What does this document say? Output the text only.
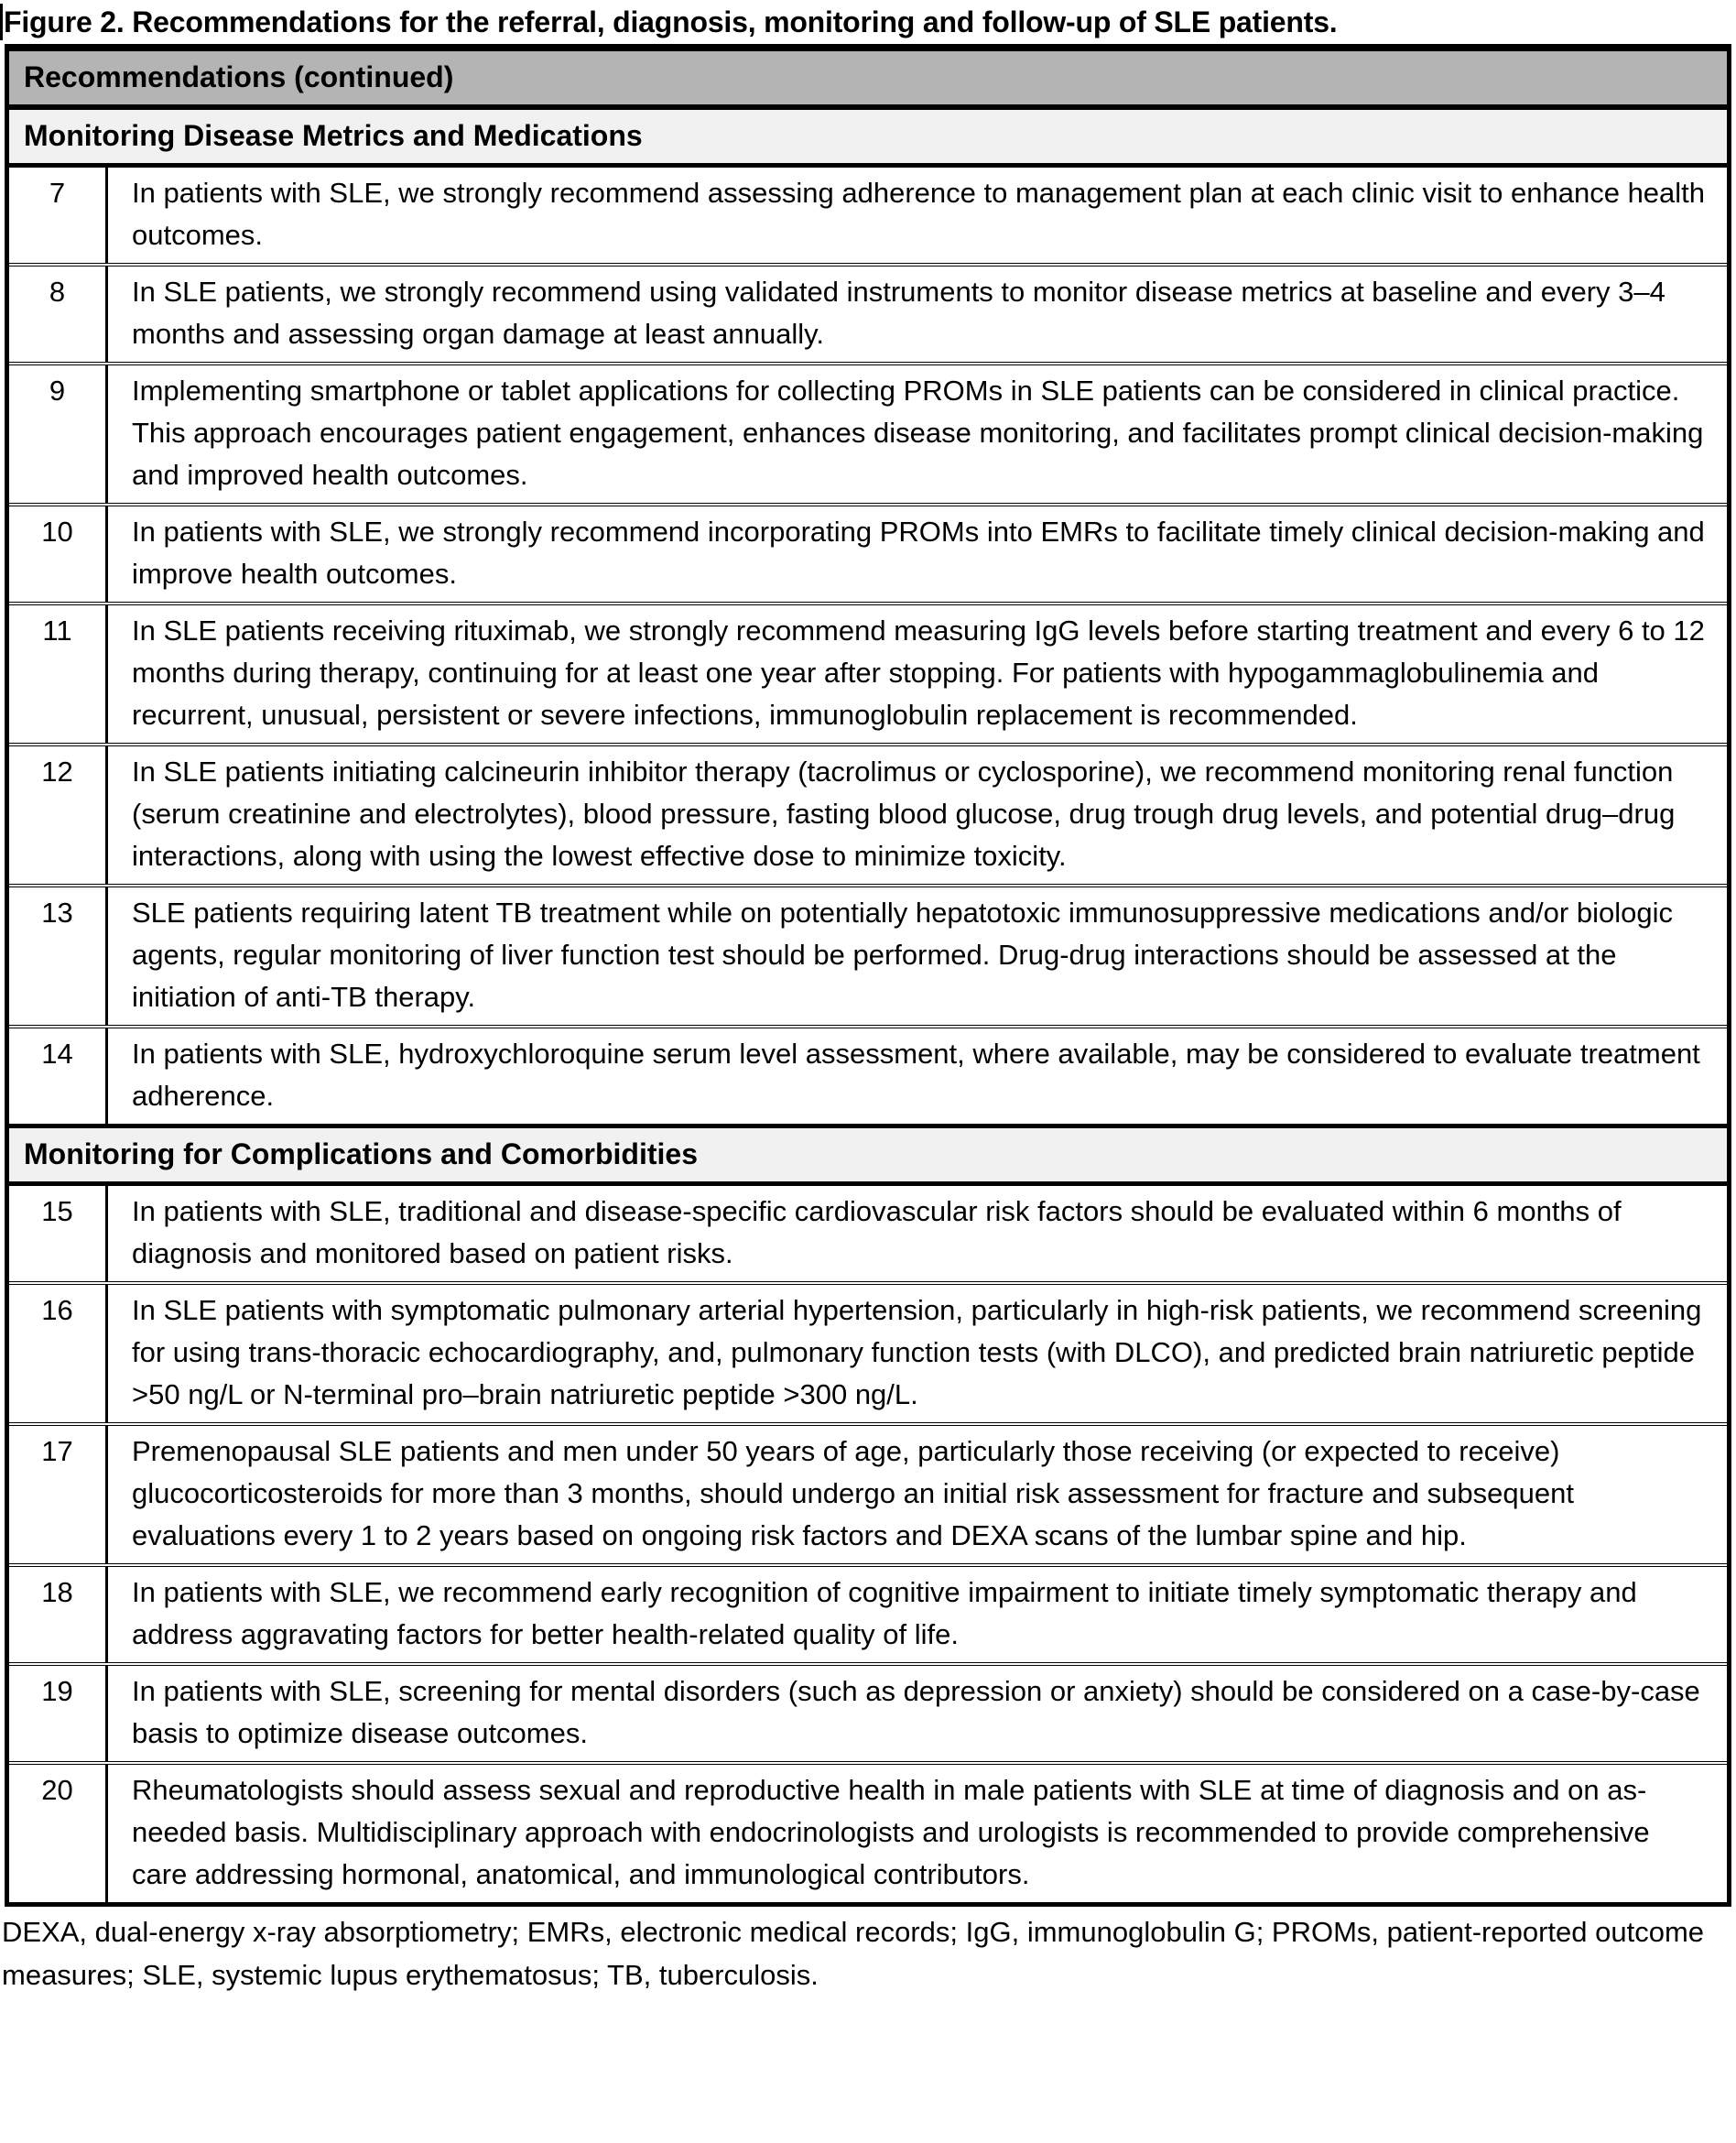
Figure 2. Recommendations for the referral, diagnosis, monitoring and follow-up of SLE patients.
Recommendations (continued)
Monitoring Disease Metrics and Medications
7	In patients with SLE, we strongly recommend assessing adherence to management plan at each clinic visit to enhance health outcomes.
8	In SLE patients, we strongly recommend using validated instruments to monitor disease metrics at baseline and every 3–4 months and assessing organ damage at least annually.
9	Implementing smartphone or tablet applications for collecting PROMs in SLE patients can be considered in clinical practice. This approach encourages patient engagement, enhances disease monitoring, and facilitates prompt clinical decision-making and improved health outcomes.
10	In patients with SLE, we strongly recommend incorporating PROMs into EMRs to facilitate timely clinical decision-making and improve health outcomes.
11	In SLE patients receiving rituximab, we strongly recommend measuring IgG levels before starting treatment and every 6 to 12 months during therapy, continuing for at least one year after stopping. For patients with hypogammaglobulinemia and recurrent, unusual, persistent or severe infections, immunoglobulin replacement is recommended.
12	In SLE patients initiating calcineurin inhibitor therapy (tacrolimus or cyclosporine), we recommend monitoring renal function (serum creatinine and electrolytes), blood pressure, fasting blood glucose, drug trough drug levels, and potential drug–drug interactions, along with using the lowest effective dose to minimize toxicity.
13	SLE patients requiring latent TB treatment while on potentially hepatotoxic immunosuppressive medications and/or biologic agents, regular monitoring of liver function test should be performed. Drug-drug interactions should be assessed at the initiation of anti-TB therapy.
14	In patients with SLE, hydroxychloroquine serum level assessment, where available, may be considered to evaluate treatment adherence.
Monitoring for Complications and Comorbidities
15	In patients with SLE, traditional and disease-specific cardiovascular risk factors should be evaluated within 6 months of diagnosis and monitored based on patient risks.
16	In SLE patients with symptomatic pulmonary arterial hypertension, particularly in high-risk patients, we recommend screening for using trans-thoracic echocardiography, and, pulmonary function tests (with DLCO), and predicted brain natriuretic peptide >50 ng/L or N-terminal pro–brain natriuretic peptide >300 ng/L.
17	Premenopausal SLE patients and men under 50 years of age, particularly those receiving (or expected to receive) glucocorticosteroids for more than 3 months, should undergo an initial risk assessment for fracture and subsequent evaluations every 1 to 2 years based on ongoing risk factors and DEXA scans of the lumbar spine and hip.
18	In patients with SLE, we recommend early recognition of cognitive impairment to initiate timely symptomatic therapy and address aggravating factors for better health-related quality of life.
19	In patients with SLE, screening for mental disorders (such as depression or anxiety) should be considered on a case-by-case basis to optimize disease outcomes.
20	Rheumatologists should assess sexual and reproductive health in male patients with SLE at time of diagnosis and on as-needed basis. Multidisciplinary approach with endocrinologists and urologists is recommended to provide comprehensive care addressing hormonal, anatomical, and immunological contributors.
DEXA, dual-energy x-ray absorptiometry; EMRs, electronic medical records; IgG, immunoglobulin G; PROMs, patient-reported outcome measures; SLE, systemic lupus erythematosus; TB, tuberculosis.
